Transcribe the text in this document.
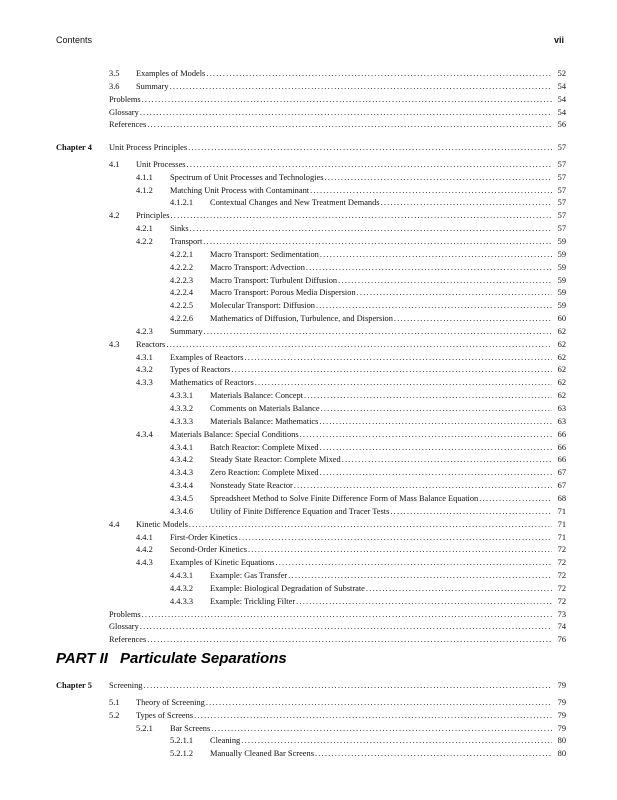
Contents	vii
3.5 Examples of Models .....	52
3.6 Summary .....	54
Problems .....	54
Glossary .....	54
References .....	56
Chapter 4 Unit Process Principles .....	57
4.1 Unit Processes .....	57
4.1.1 Spectrum of Unit Processes and Technologies .....	57
4.1.2 Matching Unit Process with Contaminant .....	57
4.1.2.1 Contextual Changes and New Treatment Demands .....	57
4.2 Principles .....	57
4.2.1 Sinks .....	57
4.2.2 Transport .....	59
4.2.2.1 Macro Transport: Sedimentation .....	59
4.2.2.2 Macro Transport: Advection .....	59
4.2.2.3 Macro Transport: Turbulent Diffusion .....	59
4.2.2.4 Macro Transport: Porous Media Dispersion .....	59
4.2.2.5 Molecular Transport: Diffusion .....	59
4.2.2.6 Mathematics of Diffusion, Turbulence, and Dispersion .....	60
4.2.3 Summary .....	62
4.3 Reactors .....	62
4.3.1 Examples of Reactors .....	62
4.3.2 Types of Reactors .....	62
4.3.3 Mathematics of Reactors .....	62
4.3.3.1 Materials Balance: Concept .....	62
4.3.3.2 Comments on Materials Balance .....	63
4.3.3.3 Materials Balance: Mathematics .....	63
4.3.4 Materials Balance: Special Conditions .....	66
4.3.4.1 Batch Reactor: Complete Mixed .....	66
4.3.4.2 Steady State Reactor: Complete Mixed .....	66
4.3.4.3 Zero Reaction: Complete Mixed .....	67
4.3.4.4 Nonsteady State Reactor .....	67
4.3.4.5 Spreadsheet Method to Solve Finite Difference Form of Mass Balance Equation .....	68
4.3.4.6 Utility of Finite Difference Equation and Tracer Tests .....	71
4.4 Kinetic Models .....	71
4.4.1 First-Order Kinetics .....	71
4.4.2 Second-Order Kinetics .....	72
4.4.3 Examples of Kinetic Equations .....	72
4.4.3.1 Example: Gas Transfer .....	72
4.4.3.2 Example: Biological Degradation of Substrate .....	72
4.4.3.3 Example: Trickling Filter .....	72
Problems .....	73
Glossary .....	74
References .....	76
Chapter 5 Screening .....	79
5.1 Theory of Screening .....	79
5.2 Types of Screens .....	79
5.2.1 Bar Screens .....	79
5.2.1.1 Cleaning .....	80
5.2.1.2 Manually Cleaned Bar Screens .....	80
PART II Particulate Separations
